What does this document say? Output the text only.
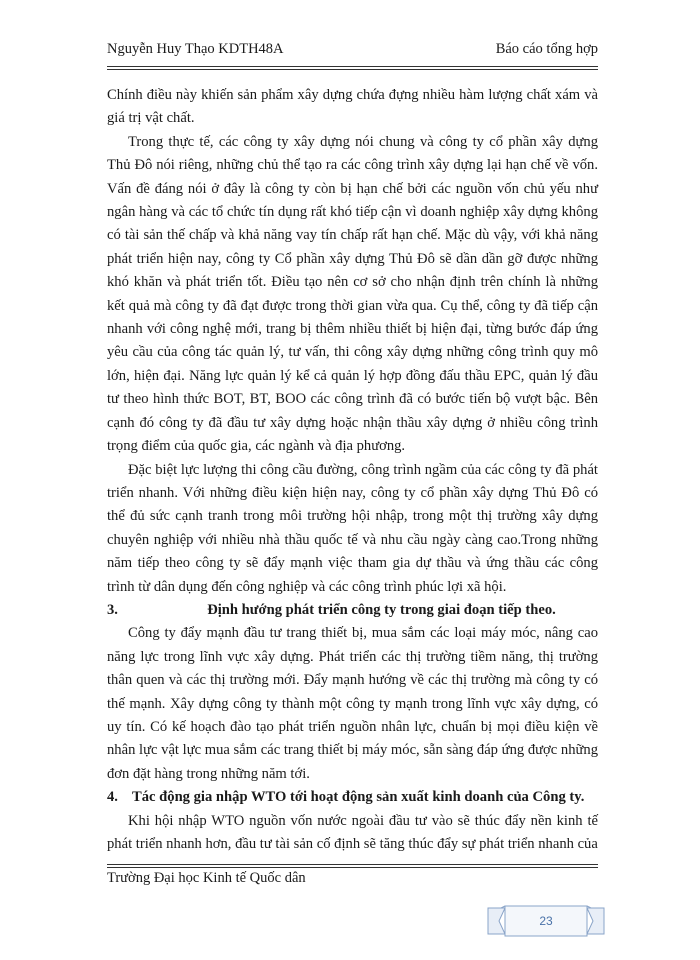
Nguyễn Huy Thạo KDTH48A	Báo cáo tổng hợp

Chính điều này khiến sản phẩm xây dựng chứa đựng nhiều hàm lượng chất xám và giá trị vật chất.

Trong thực tế, các công ty xây dựng nói chung và công ty cổ phần xây dựng Thủ Đô nói riêng, những chủ thể tạo ra các công trình xây dựng lại hạn chế về vốn. Vấn đề đáng nói ở đây là công ty còn bị hạn chế bởi các nguồn vốn chủ yếu như ngân hàng và các tổ chức tín dụng rất khó tiếp cận vì doanh nghiệp xây dựng không có tài sản thế chấp và khả năng vay tín chấp rất hạn chế. Mặc dù vậy, với khả năng phát triển hiện nay, công ty Cổ phần xây dựng Thủ Đô sẽ dần dần gỡ được những khó khăn và phát triển tốt. Điều tạo nên cơ sở cho nhận định trên chính là những kết quả mà công ty đã đạt được trong thời gian vừa qua. Cụ thể, công ty đã tiếp cận nhanh với công nghệ mới, trang bị thêm nhiều thiết bị hiện đại, từng bước đáp ứng yêu cầu của công tác quản lý, tư vấn, thi công xây dựng những công trình quy mô lớn, hiện đại. Năng lực quản lý kể cả quản lý hợp đồng đấu thầu EPC, quản lý đầu tư theo hình thức BOT, BT, BOO các công trình đã có bước tiến bộ vượt bậc. Bên cạnh đó công ty đã đầu tư xây dựng hoặc nhận thầu xây dựng ở nhiều công trình trọng điểm của quốc gia, các ngành và địa phương.

Đặc biệt lực lượng thi công cầu đường, công trình ngầm của các công ty đã phát triển nhanh. Với những điều kiện hiện nay, công ty cổ phần xây dựng Thủ Đô có thể đủ sức cạnh tranh trong môi trường hội nhập, trong một thị trường xây dựng chuyên nghiệp với nhiều nhà thầu quốc tế và nhu cầu ngày càng cao.Trong những năm tiếp theo công ty sẽ đẩy mạnh việc tham gia dự thầu và ứng thầu các công trình từ dân dụng đến công nghiệp và các công trình phúc lợi xã hội.

3.	Định hướng phát triển công ty trong giai đoạn tiếp theo.

Công ty đẩy mạnh đầu tư trang thiết bị, mua sắm các loại máy móc, nâng cao năng lực trong lĩnh vực xây dựng. Phát triển các thị trường tiềm năng, thị trường thân quen và các thị trường mới. Đẩy mạnh hướng về các thị trường mà công ty có thế mạnh. Xây dựng công ty thành một công ty mạnh trong lĩnh vực xây dựng, có uy tín. Có kế hoạch đào tạo phát triển nguồn nhân lực, chuẩn bị mọi điều kiện về nhân lực vật lực mua sắm các trang thiết bị máy móc, sẵn sàng đáp ứng được những đơn đặt hàng trong những năm tới.

4. Tác động gia nhập WTO tới hoạt động sản xuất kinh doanh của Công ty.

Khi hội nhập WTO nguồn vốn nước ngoài đầu tư vào sẽ thúc đẩy nền kinh tế phát triển nhanh hơn, đầu tư tài sản cố định sẽ tăng thúc đẩy sự phát triển nhanh của

Trường Đại học Kinh tế Quốc dân
23
